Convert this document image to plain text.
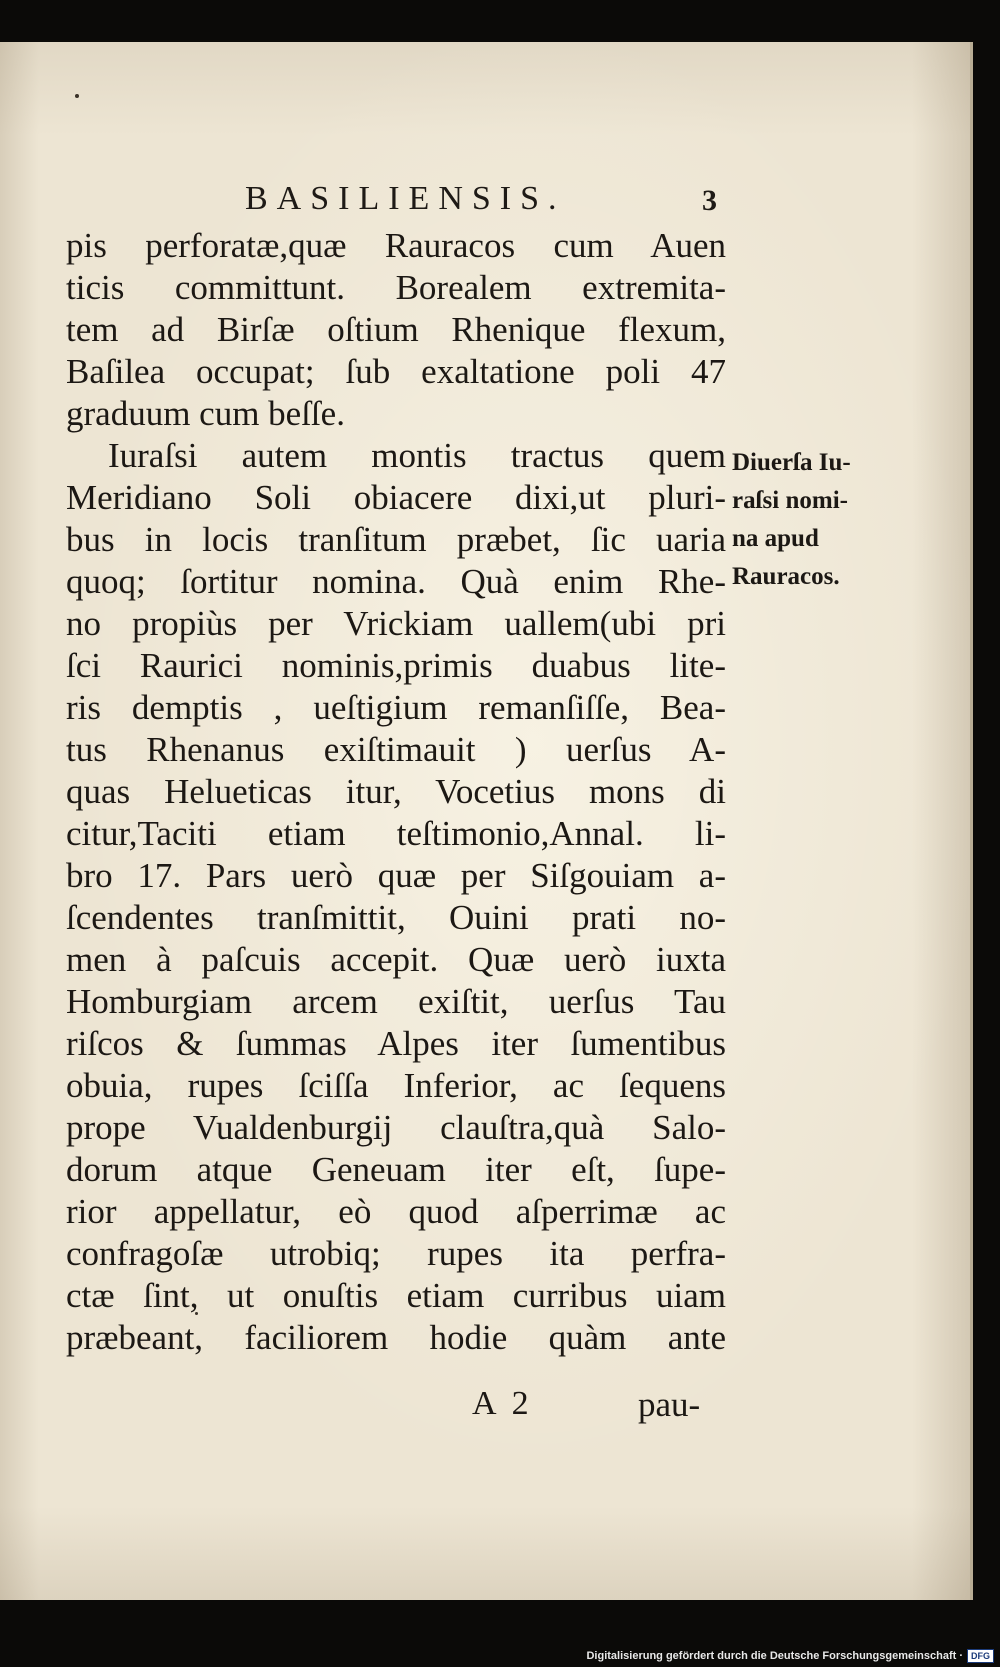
BASILIENSIS.	3
pis perforatæ,quæ Rauracos cum Auen
ticis committunt. Borealem extremita-
tem ad Birſæ oſtium Rhenique flexum,
Baſilea occupat; ſub exaltatione poli 47
graduum cum beſſe.
Iuraſsi autem montis tractus quem
Meridiano Soli obiacere dixi,ut pluri-
bus in locis tranſitum præbet, ſic uaria
quoq; ſortitur nomina. Quà enim Rhe-
no propiùs per Vrickiam uallem(ubi pri
ſci Raurici nominis,primis duabus lite-
ris demptis , ueſtigium remanſiſſe, Bea-
tus Rhenanus exiſtimauit ) uerſus A-
quas Helueticas itur, Vocetius mons di
citur,Taciti etiam teſtimonio,Annal. li-
bro 17. Pars uerò quæ per Siſgouiam a-
ſcendentes tranſmittit, Ouini prati no-
men à paſcuis accepit. Quæ uerò iuxta
Homburgiam arcem exiſtit, uerſus Tau
riſcos & ſummas Alpes iter ſumentibus
obuia, rupes ſciſſa Inferior, ac ſequens
prope Vualdenburgij clauſtra,quà Salo-
dorum atque Geneuam iter eſt, ſupe-
rior appellatur, eò quod aſperrimæ ac
confragoſæ utrobiq; rupes ita perfra-
ctæ ſint, ut onuſtis etiam curribus uiam
præbeant, faciliorem hodie quàm ante
Diuerſa Iu-
raſsi nomi-
na apud
Rauracos.
A  2	pau-
Digitalisierung gefördert durch die Deutsche Forschungsgemeinschaft · DFG
